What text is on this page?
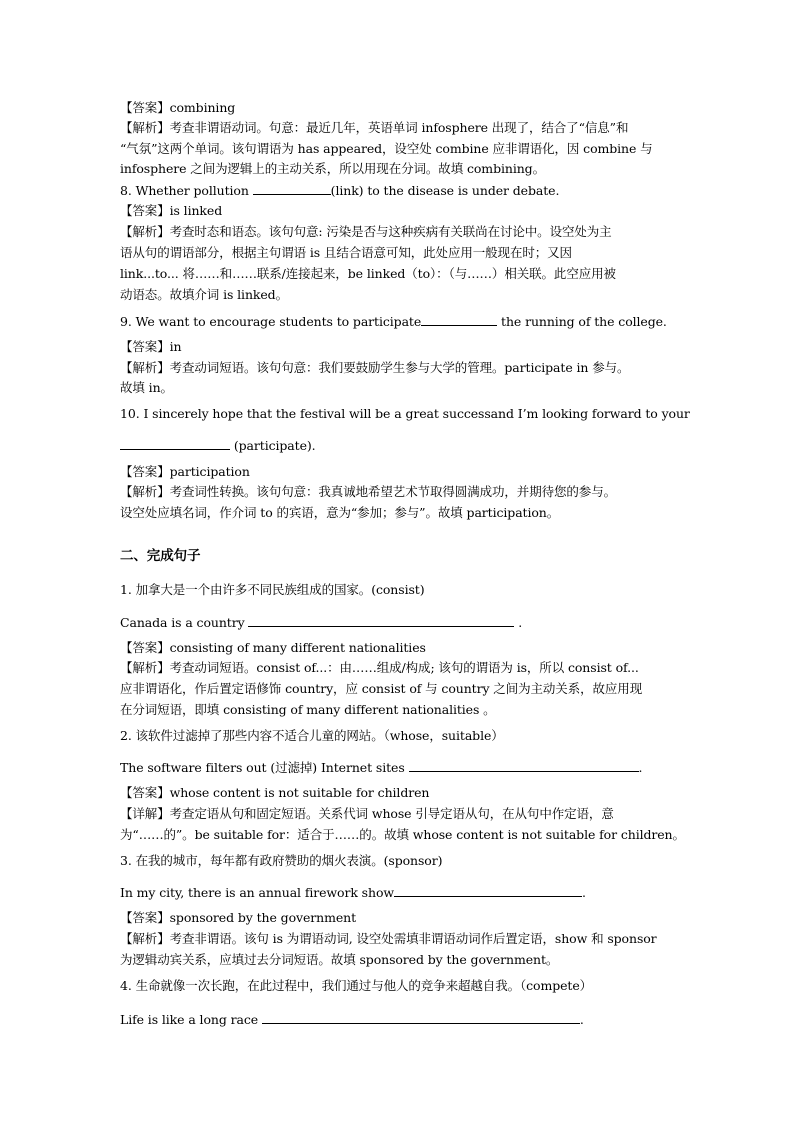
【答案】combining
【解析】考查非谓语动词。句意：最近几年，英语单词 infosphere 出现了，结合了“信息”和
“气氛”这两个单词。该句谓语为 has appeared，设空处 combine 应非谓语化，因 combine 与
infosphere 之间为逻辑上的主动关系，所以用现在分词。故填 combining。
8. Whether pollution	(link) to the disease is under debate.
【答案】is linked
【解析】考查时态和语态。该句句意: 污染是否与这种疾病有关联尚在讨论中。设空处为主
语从句的谓语部分，根据主句谓语 is 且结合语意可知，此处应用一般现在时；又因
link...to... 将……和……联系/连接起来，be linked（to）：（与……）相关联。此空应用被
动语态。故填介词 is linked。
9. We want to encourage students to participate	the running of the college.
【答案】in
【解析】考查动词短语。该句句意：我们要鼓励学生参与大学的管理。participate in 参与。
故填 in。
10. I sincerely hope that the festival will be a great successand I’m looking forward to your
(participate).
【答案】participation
【解析】考查词性转换。该句句意：我真诚地希望艺术节取得圆满成功，并期待您的参与。
设空处应填名词，作介词 to 的宾语，意为“参加；参与”。故填 participation。
二、完成句子
1. 加拿大是一个由许多不同民族组成的国家。(consist)
Canada is a country	.
【答案】consisting of many different nationalities
【解析】考查动词短语。consist of...：由……组成/构成; 该句的谓语为 is，所以 consist of...
应非谓语化，作后置定语修饰 country，应 consist of 与 country 之间为主动关系，故应用现
在分词短语，即填 consisting of many different nationalities 。
2. 该软件过滤掉了那些内容不适合儿童的网站。（whose，suitable）
The software filters out (过滤掉) Internet sites	.
【答案】whose content is not suitable for children
【详解】考查定语从句和固定短语。关系代词 whose 引导定语从句，在从句中作定语，意
为“……的”。be suitable for：适合于……的。故填 whose content is not suitable for children。
3. 在我的城市，每年都有政府赞助的烟火表演。(sponsor)
In my city, there is an annual firework show	.
【答案】sponsored by the government
【解析】考查非谓语。该句 is 为谓语动词, 设空处需填非谓语动词作后置定语，show 和 sponsor
为逻辑动宾关系，应填过去分词短语。故填 sponsored by the government。
4. 生命就像一次长跑，在此过程中，我们通过与他人的竞争来超越自我。（compete）
Life is like a long race	.
